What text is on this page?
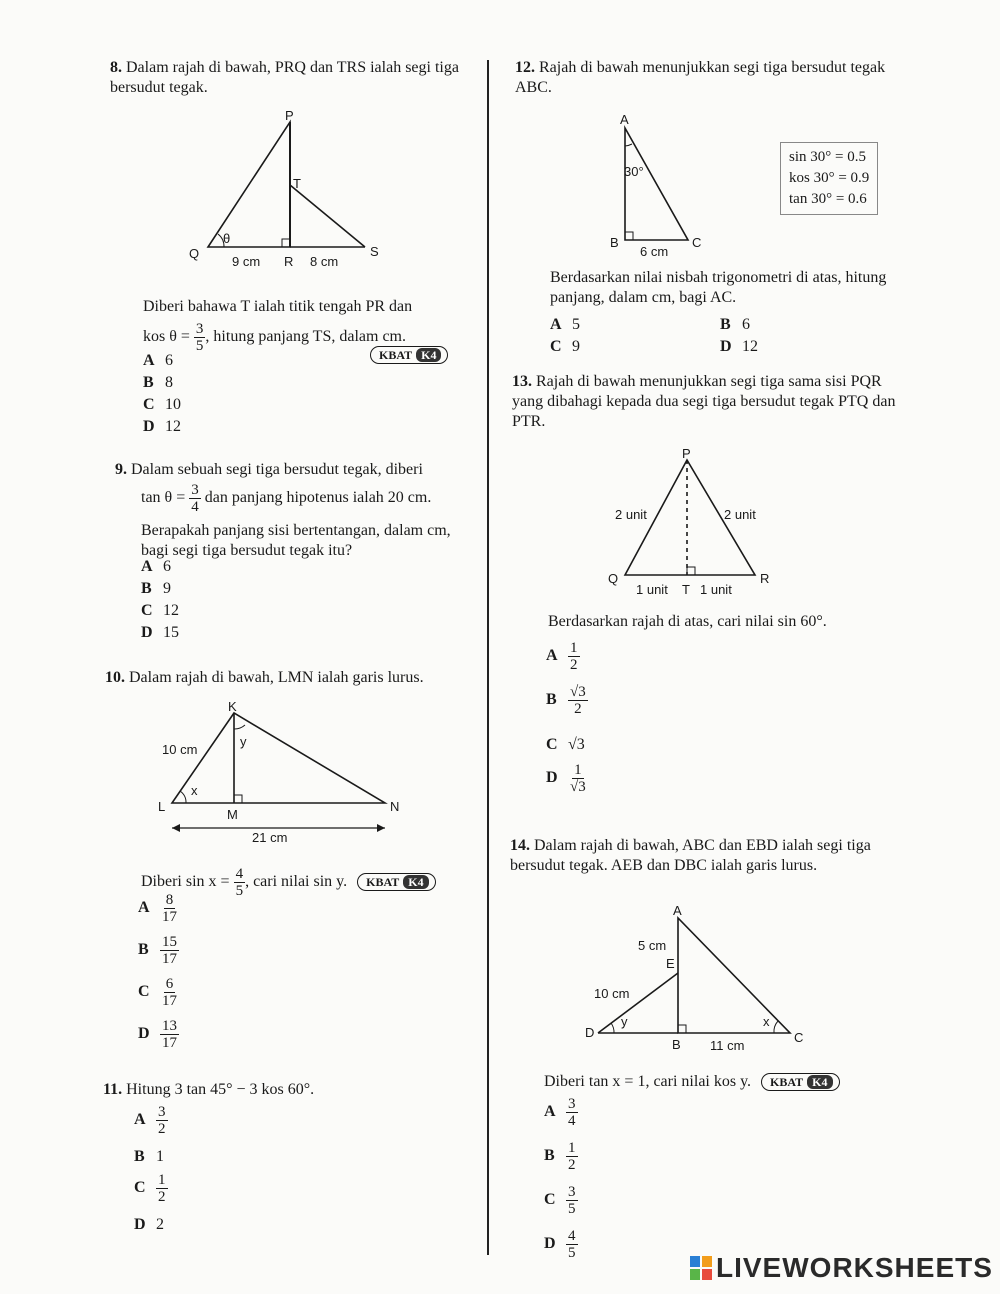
8. Dalam rajah di bawah, PRQ dan TRS ialah segi tiga bersudut tegak.
P
T
Q
R
S
θ
9 cm	8 cm
Diberi bahawa T ialah titik tengah PR dan
kos $\theta = \frac{3}{5}$ , hitung panjang TS, dalam cm.
KBAT K4
A 6
B 8
C 10
D 12
9. Dalam sebuah segi tiga bersudut tegak, diberi
$\tan \theta = \frac{3}{4}$ dan panjang hipotenus ialah 20 cm.
Berapakah panjang sisi bertentangan, dalam cm, bagi segi tiga bersudut tegak itu?
A 6
B 9
C 12
D 15
10. Dalam rajah di bawah, LMN ialah garis lurus.
K
L
M
N
x
y
10 cm
21 cm
Diberi $\sin x = \frac{4}{5}$ , cari nilai sin y. KBAT K4
A $\frac{8}{17}$
B $\frac{15}{17}$
C $\frac{6}{17}$
D $\frac{13}{17}$
11. Hitung 3 tan 45° − 3 kos 60°.
A $\frac{3}{2}$
B 1
C $\frac{1}{2}$
D 2
12. Rajah di bawah menunjukkan segi tiga bersudut tegak ABC.
A
B	C
30°
6 cm
sin 30° = 0.5
kos 30° = 0.9
tan 30° = 0.6
Berdasarkan nilai nisbah trigonometri di atas, hitung panjang, dalam cm, bagi AC.
A 5	B 6
C 9	D 12
13. Rajah di bawah menunjukkan segi tiga sama sisi PQR yang dibahagi kepada dua segi tiga bersudut tegak PTQ dan PTR.
P
Q
T
R
2 unit	2 unit
1 unit 1 unit
Berdasarkan rajah di atas, cari nilai sin 60°.
A $\frac{1}{2}$
B $\frac{√3}{2}$
C √3
D $\frac{1}{√3}$
14. Dalam rajah di bawah, ABC dan EBD ialah segi tiga bersudut tegak. AEB dan DBC ialah garis lurus.
A
E
D
B	C
x
y
5 cm
10 cm
11 cm
Diberi tan x = 1, cari nilai kos y. KBAT K4
A $\frac{3}{4}$
B $\frac{1}{2}$
C $\frac{3}{5}$
D $\frac{4}{5}$
LIVEWORKSHEETS
